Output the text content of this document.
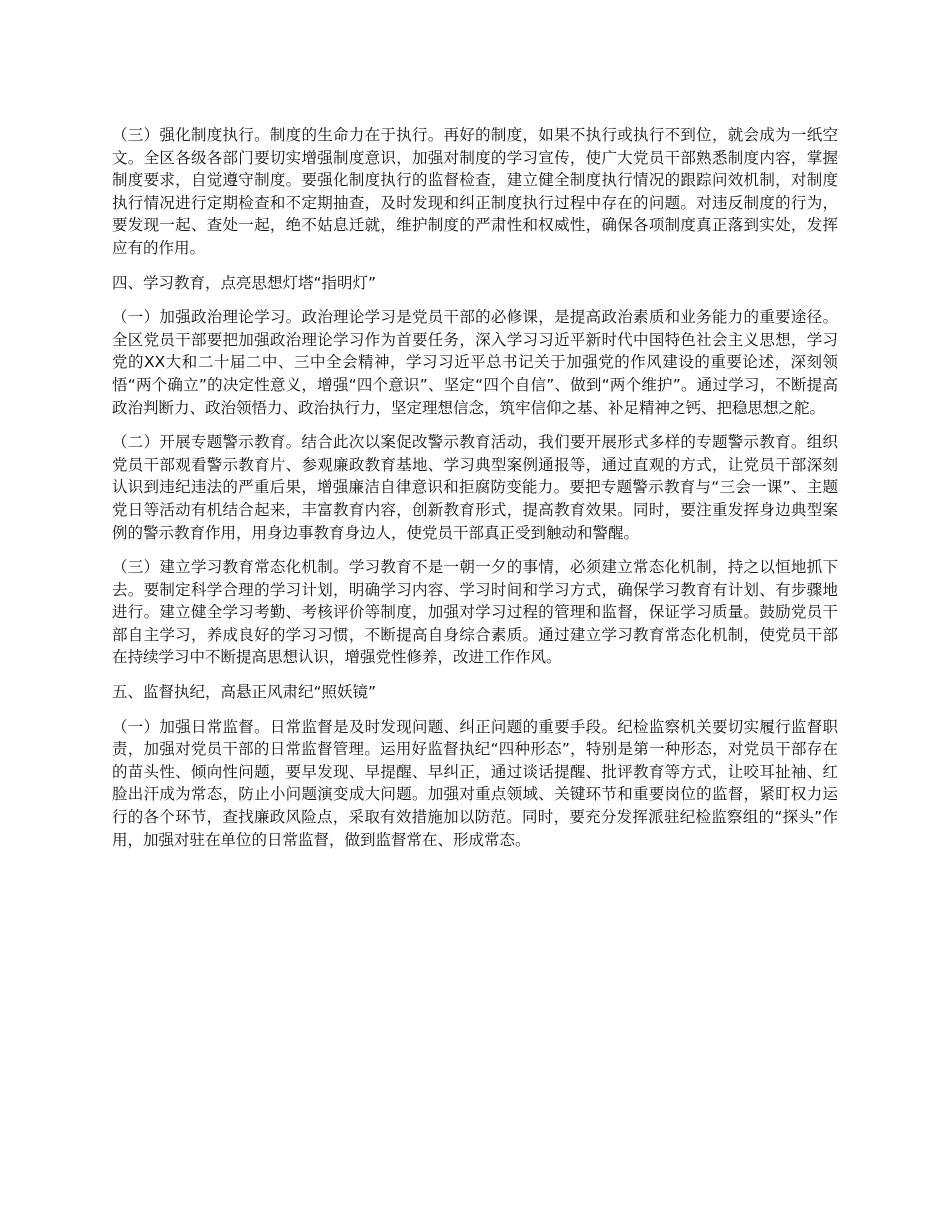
（三）强化制度执行。制度的生命力在于执行。再好的制度，如果不执行或执行不到位，就会成为一纸空文。全区各级各部门要切实增强制度意识，加强对制度的学习宣传，使广大党员干部熟悉制度内容，掌握制度要求，自觉遵守制度。要强化制度执行的监督检查，建立健全制度执行情况的跟踪问效机制，对制度执行情况进行定期检查和不定期抽查，及时发现和纠正制度执行过程中存在的问题。对违反制度的行为，要发现一起、查处一起，绝不姑息迁就，维护制度的严肃性和权威性，确保各项制度真正落到实处，发挥应有的作用。

四、学习教育，点亮思想灯塔“指明灯”

（一）加强政治理论学习。政治理论学习是党员干部的必修课，是提高政治素质和业务能力的重要途径。全区党员干部要把加强政治理论学习作为首要任务，深入学习习近平新时代中国特色社会主义思想，学习党的XX大和二十届二中、三中全会精神，学习习近平总书记关于加强党的作风建设的重要论述，深刻领悟“两个确立”的决定性意义，增强“四个意识”、坚定“四个自信”、做到“两个维护”。通过学习，不断提高政治判断力、政治领悟力、政治执行力，坚定理想信念，筑牢信仰之基、补足精神之钙、把稳思想之舵。

（二）开展专题警示教育。结合此次以案促改警示教育活动，我们要开展形式多样的专题警示教育。组织党员干部观看警示教育片、参观廉政教育基地、学习典型案例通报等，通过直观的方式，让党员干部深刻认识到违纪违法的严重后果，增强廉洁自律意识和拒腐防变能力。要把专题警示教育与“三会一课”、主题党日等活动有机结合起来，丰富教育内容，创新教育形式，提高教育效果。同时，要注重发挥身边典型案例的警示教育作用，用身边事教育身边人，使党员干部真正受到触动和警醒。

（三）建立学习教育常态化机制。学习教育不是一朝一夕的事情，必须建立常态化机制，持之以恒地抓下去。要制定科学合理的学习计划，明确学习内容、学习时间和学习方式，确保学习教育有计划、有步骤地进行。建立健全学习考勤、考核评价等制度，加强对学习过程的管理和监督，保证学习质量。鼓励党员干部自主学习，养成良好的学习习惯，不断提高自身综合素质。通过建立学习教育常态化机制，使党员干部在持续学习中不断提高思想认识，增强党性修养，改进工作作风。

五、监督执纪，高悬正风肃纪“照妖镜”

（一）加强日常监督。日常监督是及时发现问题、纠正问题的重要手段。纪检监察机关要切实履行监督职责，加强对党员干部的日常监督管理。运用好监督执纪“四种形态”，特别是第一种形态，对党员干部存在的苗头性、倾向性问题，要早发现、早提醒、早纠正，通过谈话提醒、批评教育等方式，让咬耳扯袖、红脸出汗成为常态，防止小问题演变成大问题。加强对重点领域、关键环节和重要岗位的监督，紧盯权力运行的各个环节，查找廉政风险点，采取有效措施加以防范。同时，要充分发挥派驻纪检监察组的“探头”作用，加强对驻在单位的日常监督，做到监督常在、形成常态。
